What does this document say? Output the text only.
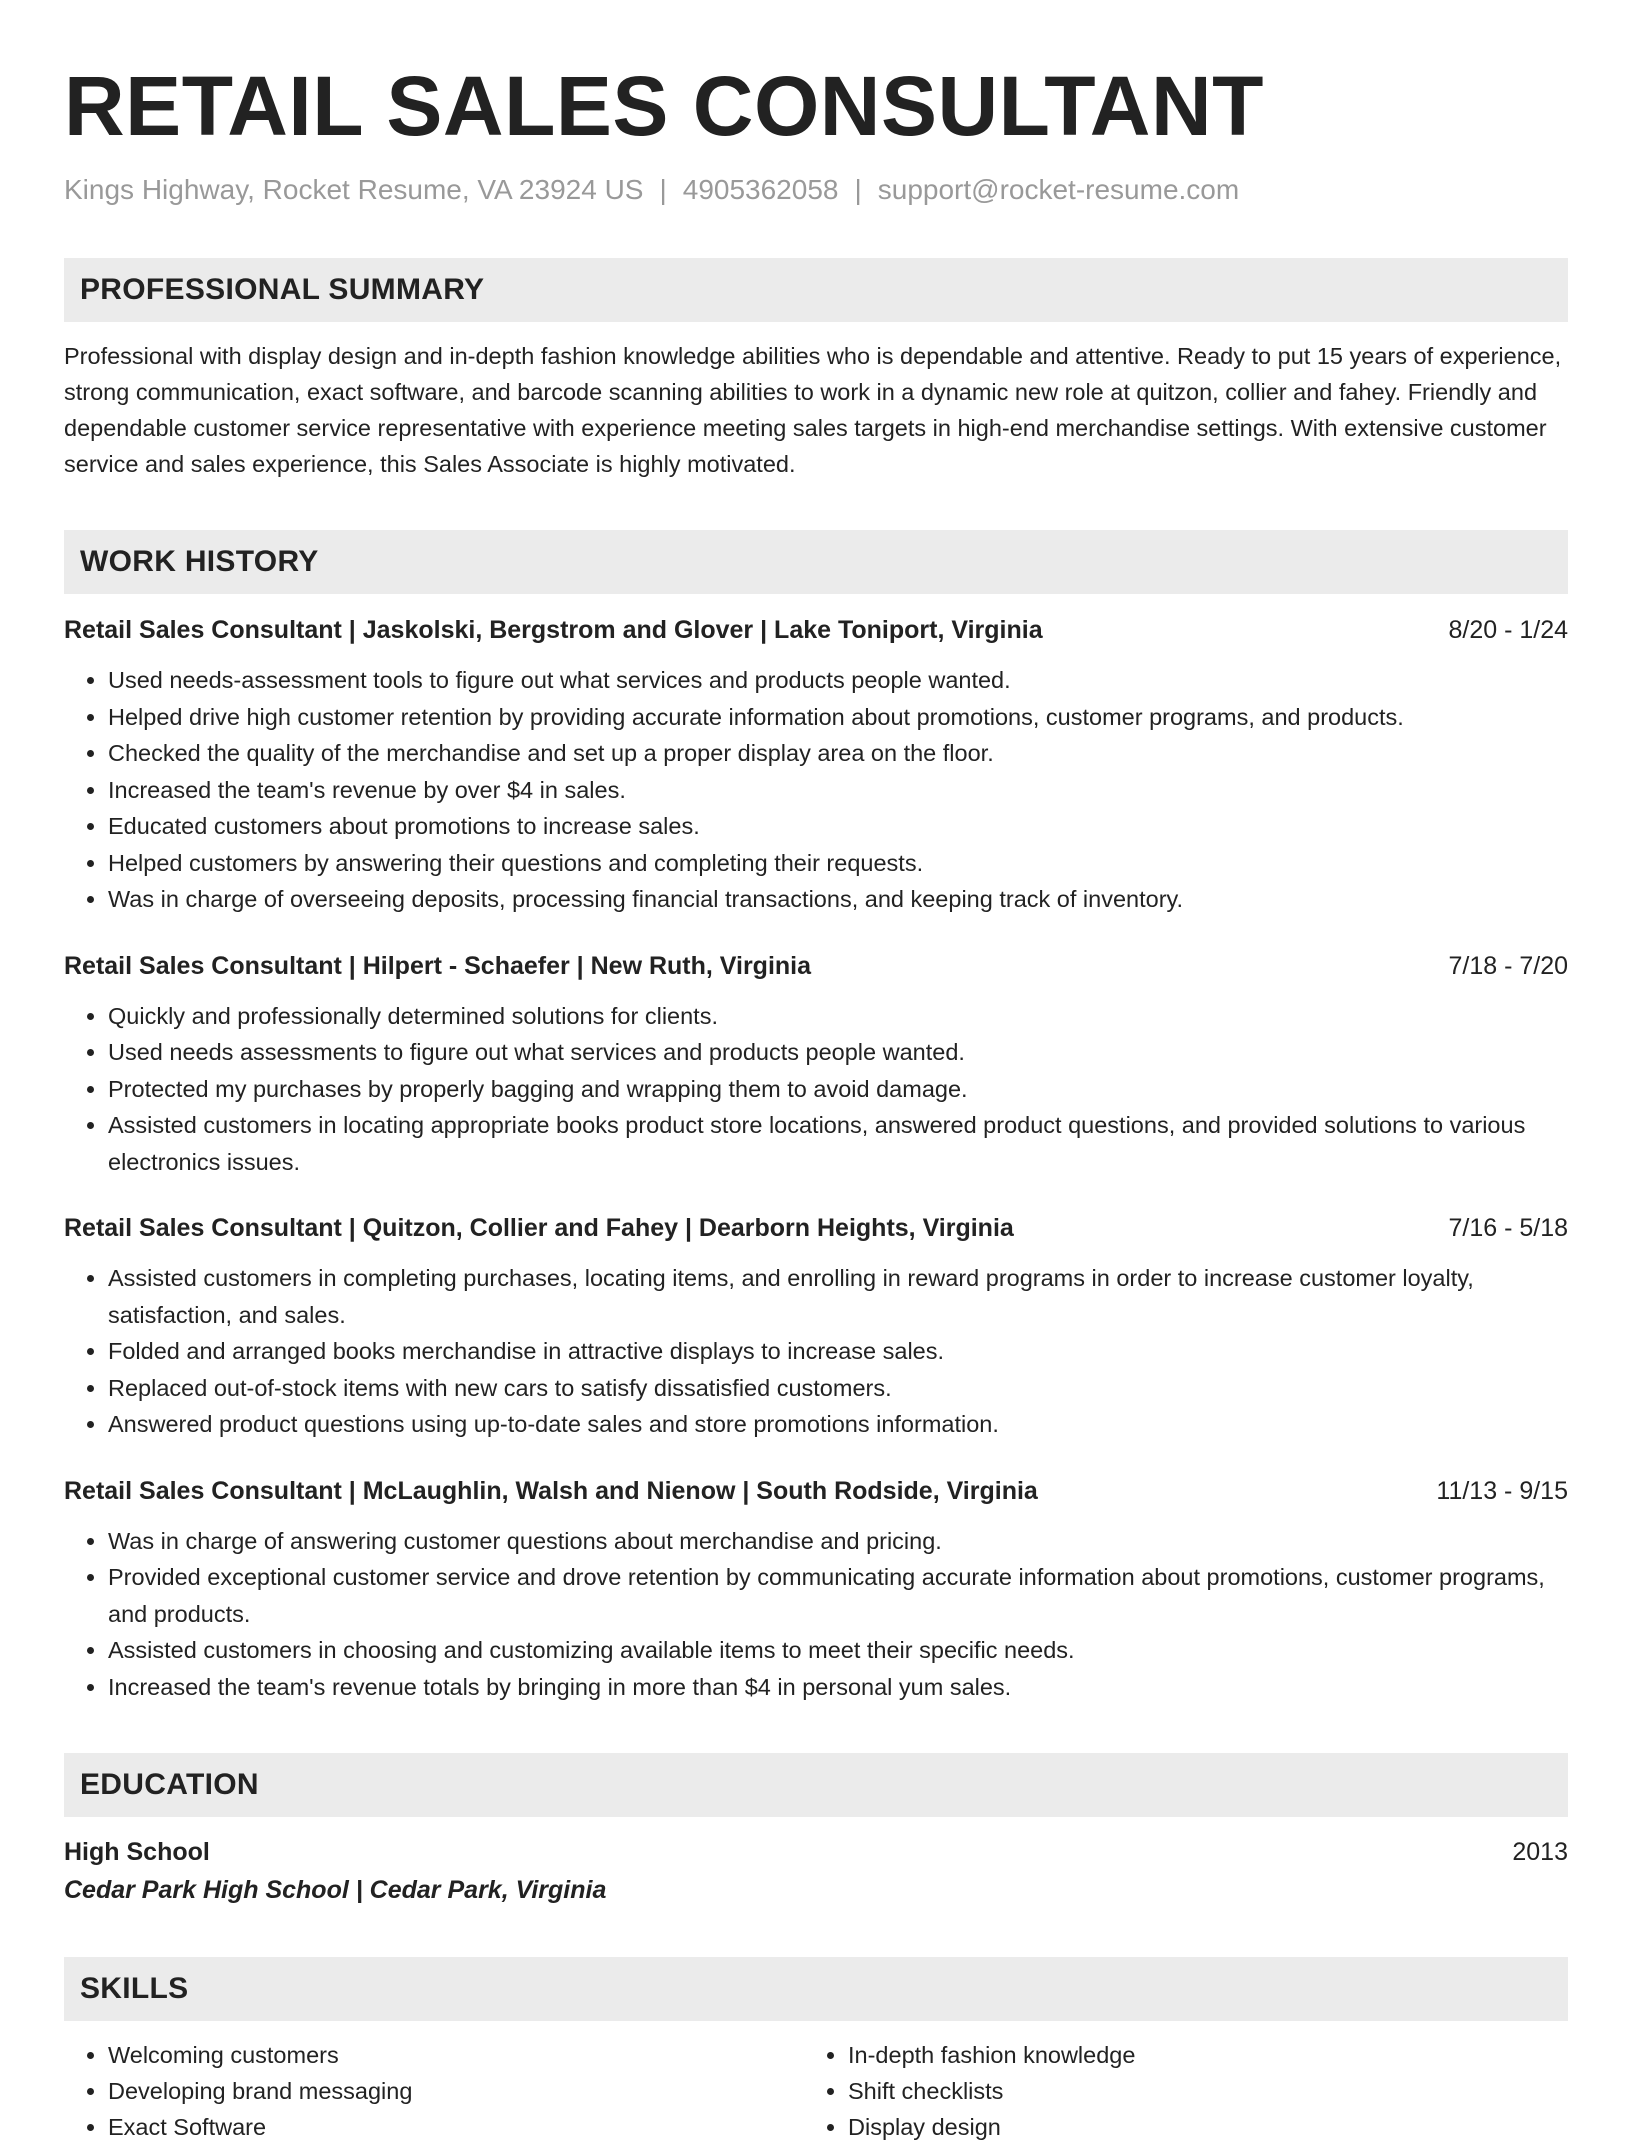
RETAIL SALES CONSULTANT
Kings Highway, Rocket Resume, VA 23924 US | 4905362058 | support@rocket-resume.com
PROFESSIONAL SUMMARY
Professional with display design and in-depth fashion knowledge abilities who is dependable and attentive. Ready to put 15 years of experience, strong communication, exact software, and barcode scanning abilities to work in a dynamic new role at quitzon, collier and fahey. Friendly and dependable customer service representative with experience meeting sales targets in high-end merchandise settings. With extensive customer service and sales experience, this Sales Associate is highly motivated.
WORK HISTORY
Retail Sales Consultant | Jaskolski, Bergstrom and Glover | Lake Toniport, Virginia	8/20 - 1/24
• Used needs-assessment tools to figure out what services and products people wanted.
• Helped drive high customer retention by providing accurate information about promotions, customer programs, and products.
• Checked the quality of the merchandise and set up a proper display area on the floor.
• Increased the team's revenue by over $4 in sales.
• Educated customers about promotions to increase sales.
• Helped customers by answering their questions and completing their requests.
• Was in charge of overseeing deposits, processing financial transactions, and keeping track of inventory.
Retail Sales Consultant | Hilpert - Schaefer | New Ruth, Virginia	7/18 - 7/20
• Quickly and professionally determined solutions for clients.
• Used needs assessments to figure out what services and products people wanted.
• Protected my purchases by properly bagging and wrapping them to avoid damage.
• Assisted customers in locating appropriate books product store locations, answered product questions, and provided solutions to various electronics issues.
Retail Sales Consultant | Quitzon, Collier and Fahey | Dearborn Heights, Virginia	7/16 - 5/18
• Assisted customers in completing purchases, locating items, and enrolling in reward programs in order to increase customer loyalty, satisfaction, and sales.
• Folded and arranged books merchandise in attractive displays to increase sales.
• Replaced out-of-stock items with new cars to satisfy dissatisfied customers.
• Answered product questions using up-to-date sales and store promotions information.
Retail Sales Consultant | McLaughlin, Walsh and Nienow | South Rodside, Virginia	11/13 - 9/15
• Was in charge of answering customer questions about merchandise and pricing.
• Provided exceptional customer service and drove retention by communicating accurate information about promotions, customer programs, and products.
• Assisted customers in choosing and customizing available items to meet their specific needs.
• Increased the team's revenue totals by bringing in more than $4 in personal yum sales.
EDUCATION
High School	2013
Cedar Park High School | Cedar Park, Virginia
SKILLS
• Welcoming customers
• Developing brand messaging
• Exact Software
• In-depth fashion knowledge
• Shift checklists
• Display design
